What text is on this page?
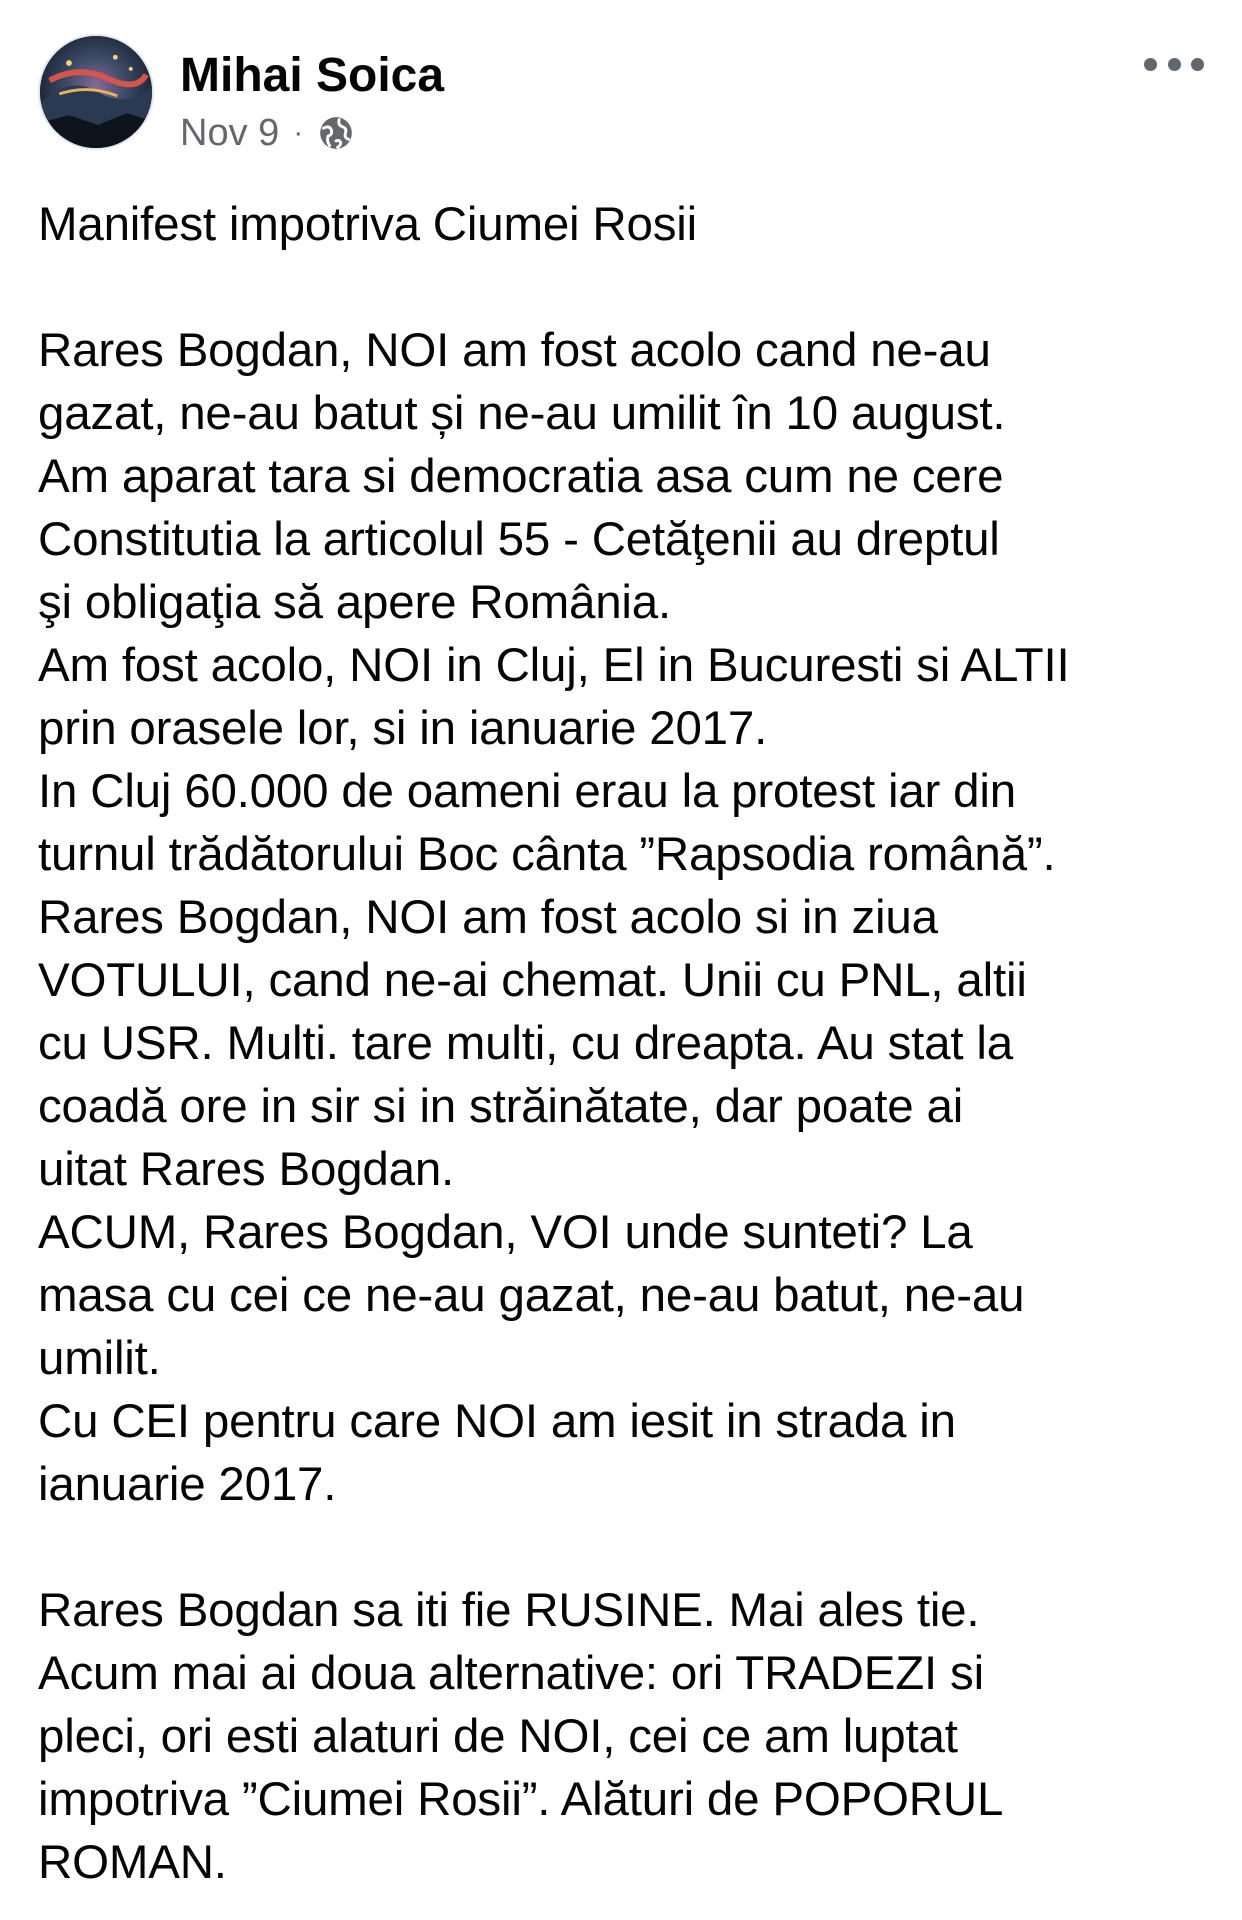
Mihai Soica
Nov 9 ·

Manifest impotriva Ciumei Rosii

Rares Bogdan, NOI am fost acolo cand ne-au

gazat, ne-au batut și ne-au umilit în 10 august.

Am aparat tara si democratia asa cum ne cere

Constitutia la articolul 55 - Cetăţenii au dreptul

şi obligaţia să apere România.

Am fost acolo, NOI in Cluj, El in Bucuresti si ALTII

prin orasele lor, si in ianuarie 2017.

In Cluj 60.000 de oameni erau la protest iar din

turnul trădătorului Boc cânta ”Rapsodia română”.

Rares Bogdan, NOI am fost acolo si in ziua

VOTULUI, cand ne-ai chemat. Unii cu PNL, altii

cu USR. Multi. tare multi, cu dreapta. Au stat la

coadă ore in sir si in străinătate, dar poate ai

uitat Rares Bogdan.

ACUM, Rares Bogdan, VOI unde sunteti? La

masa cu cei ce ne-au gazat, ne-au batut, ne-au

umilit.

Cu CEI pentru care NOI am iesit in strada in

ianuarie 2017.

Rares Bogdan sa iti fie RUSINE. Mai ales tie.

Acum mai ai doua alternative: ori TRADEZI si

pleci, ori esti alaturi de NOI, cei ce am luptat

impotriva ”Ciumei Rosii”. Alături de POPORUL

ROMAN.
